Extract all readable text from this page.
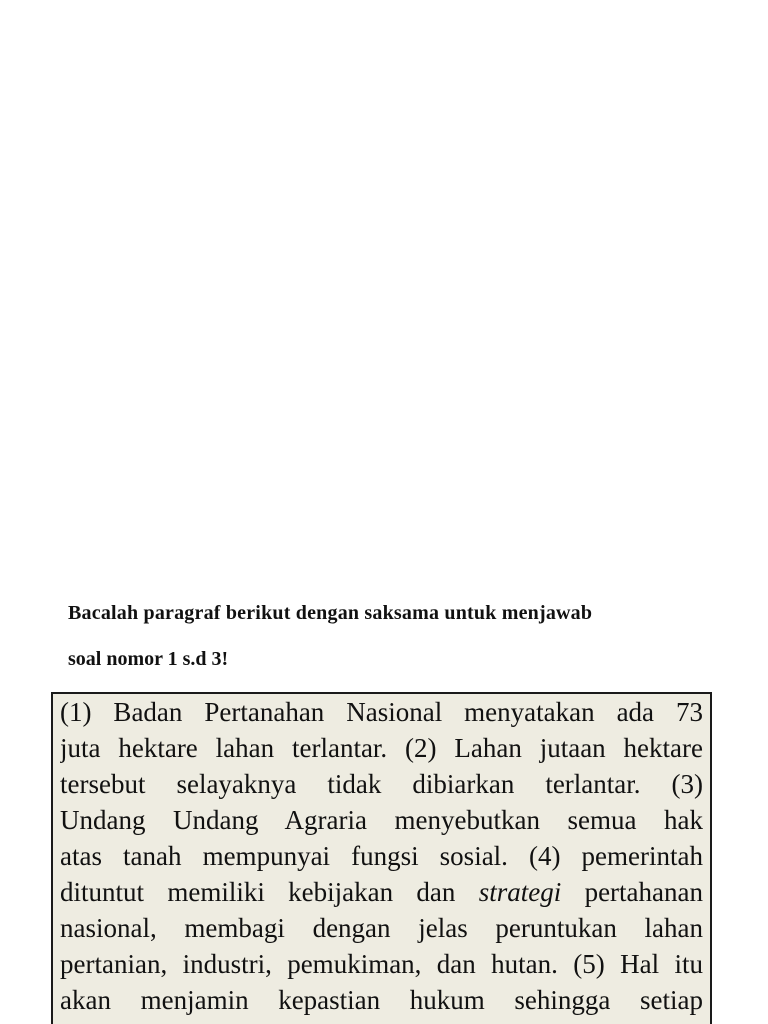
Bacalah paragraf berikut dengan saksama untuk menjawab

soal nomor 1 s.d 3!

(1) Badan Pertanahan Nasional menyatakan ada 73
juta hektare lahan terlantar. (2) Lahan jutaan hektare
tersebut selayaknya tidak dibiarkan terlantar. (3)
Undang Undang Agraria menyebutkan semua hak
atas tanah mempunyai fungsi sosial. (4) pemerintah
dituntut memiliki kebijakan dan strategi pertahanan
nasional, membagi dengan jelas peruntukan lahan
pertanian, industri, pemukiman, dan hutan. (5) Hal itu
akan menjamin kepastian hukum sehingga setiap
